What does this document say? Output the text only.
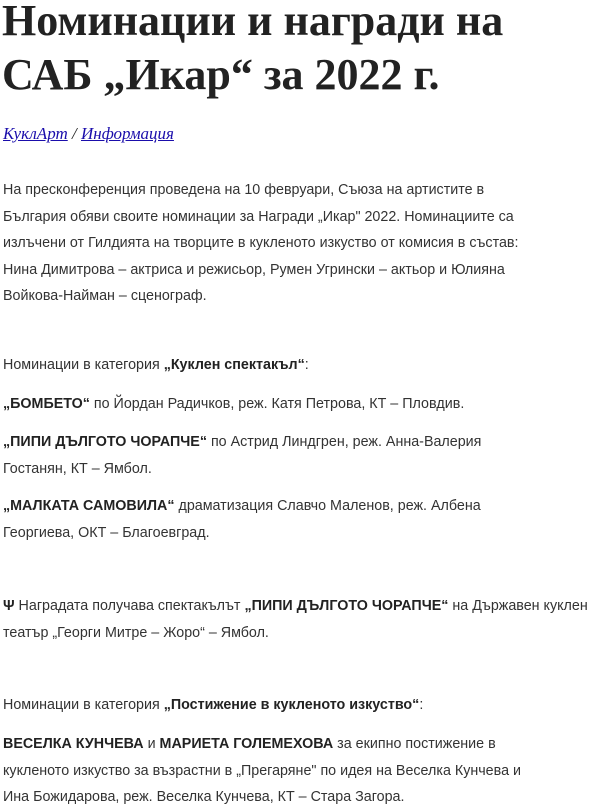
Номинации и награди на САБ „Икар“ за 2022 г.
КуклАрт / Информация

На пресконференция проведена на 10 февруари, Съюза на артистите в България обяви своите номинации за Награди „Икар" 2022. Номинациите са излъчени от Гилдията на творците в кукленото изкуство от комисия в състав: Нина Димитрова – актриса и режисьор, Румен Угрински – актьор и Юлияна Войкова-Найман – сценограф.

Номинации в категория „Куклен спектакъл“:

„БОМБЕТО“ по Йордан Радичков, реж. Катя Петрова, КТ – Пловдив.

„ПИПИ ДЪЛГОТО ЧОРАПЧЕ“ по Астрид Линдгрен, реж. Анна-Валерия Гостанян, КТ – Ямбол.

„МАЛКАТА САМОВИЛА“ драматизация Славчо Маленов, реж. Албена Георгиева, ОКТ – Благоевград.

Ψ Наградата получава спектакълът „ПИПИ ДЪЛГОТО ЧОРАПЧЕ“ на Държавен куклен театър „Георги Митре – Жоро“ – Ямбол.

Номинации в категория „Постижение в кукленото изкуство“:

ВЕСЕЛКА КУНЧЕВА и МАРИЕТА ГОЛЕМЕХОВА за екипно постижение в кукленото изкуство за възрастни в „Прегаряне" по идея на Веселка Кунчева и Ина Божидарова, реж. Веселка Кунчева, КТ – Стара Загора.
